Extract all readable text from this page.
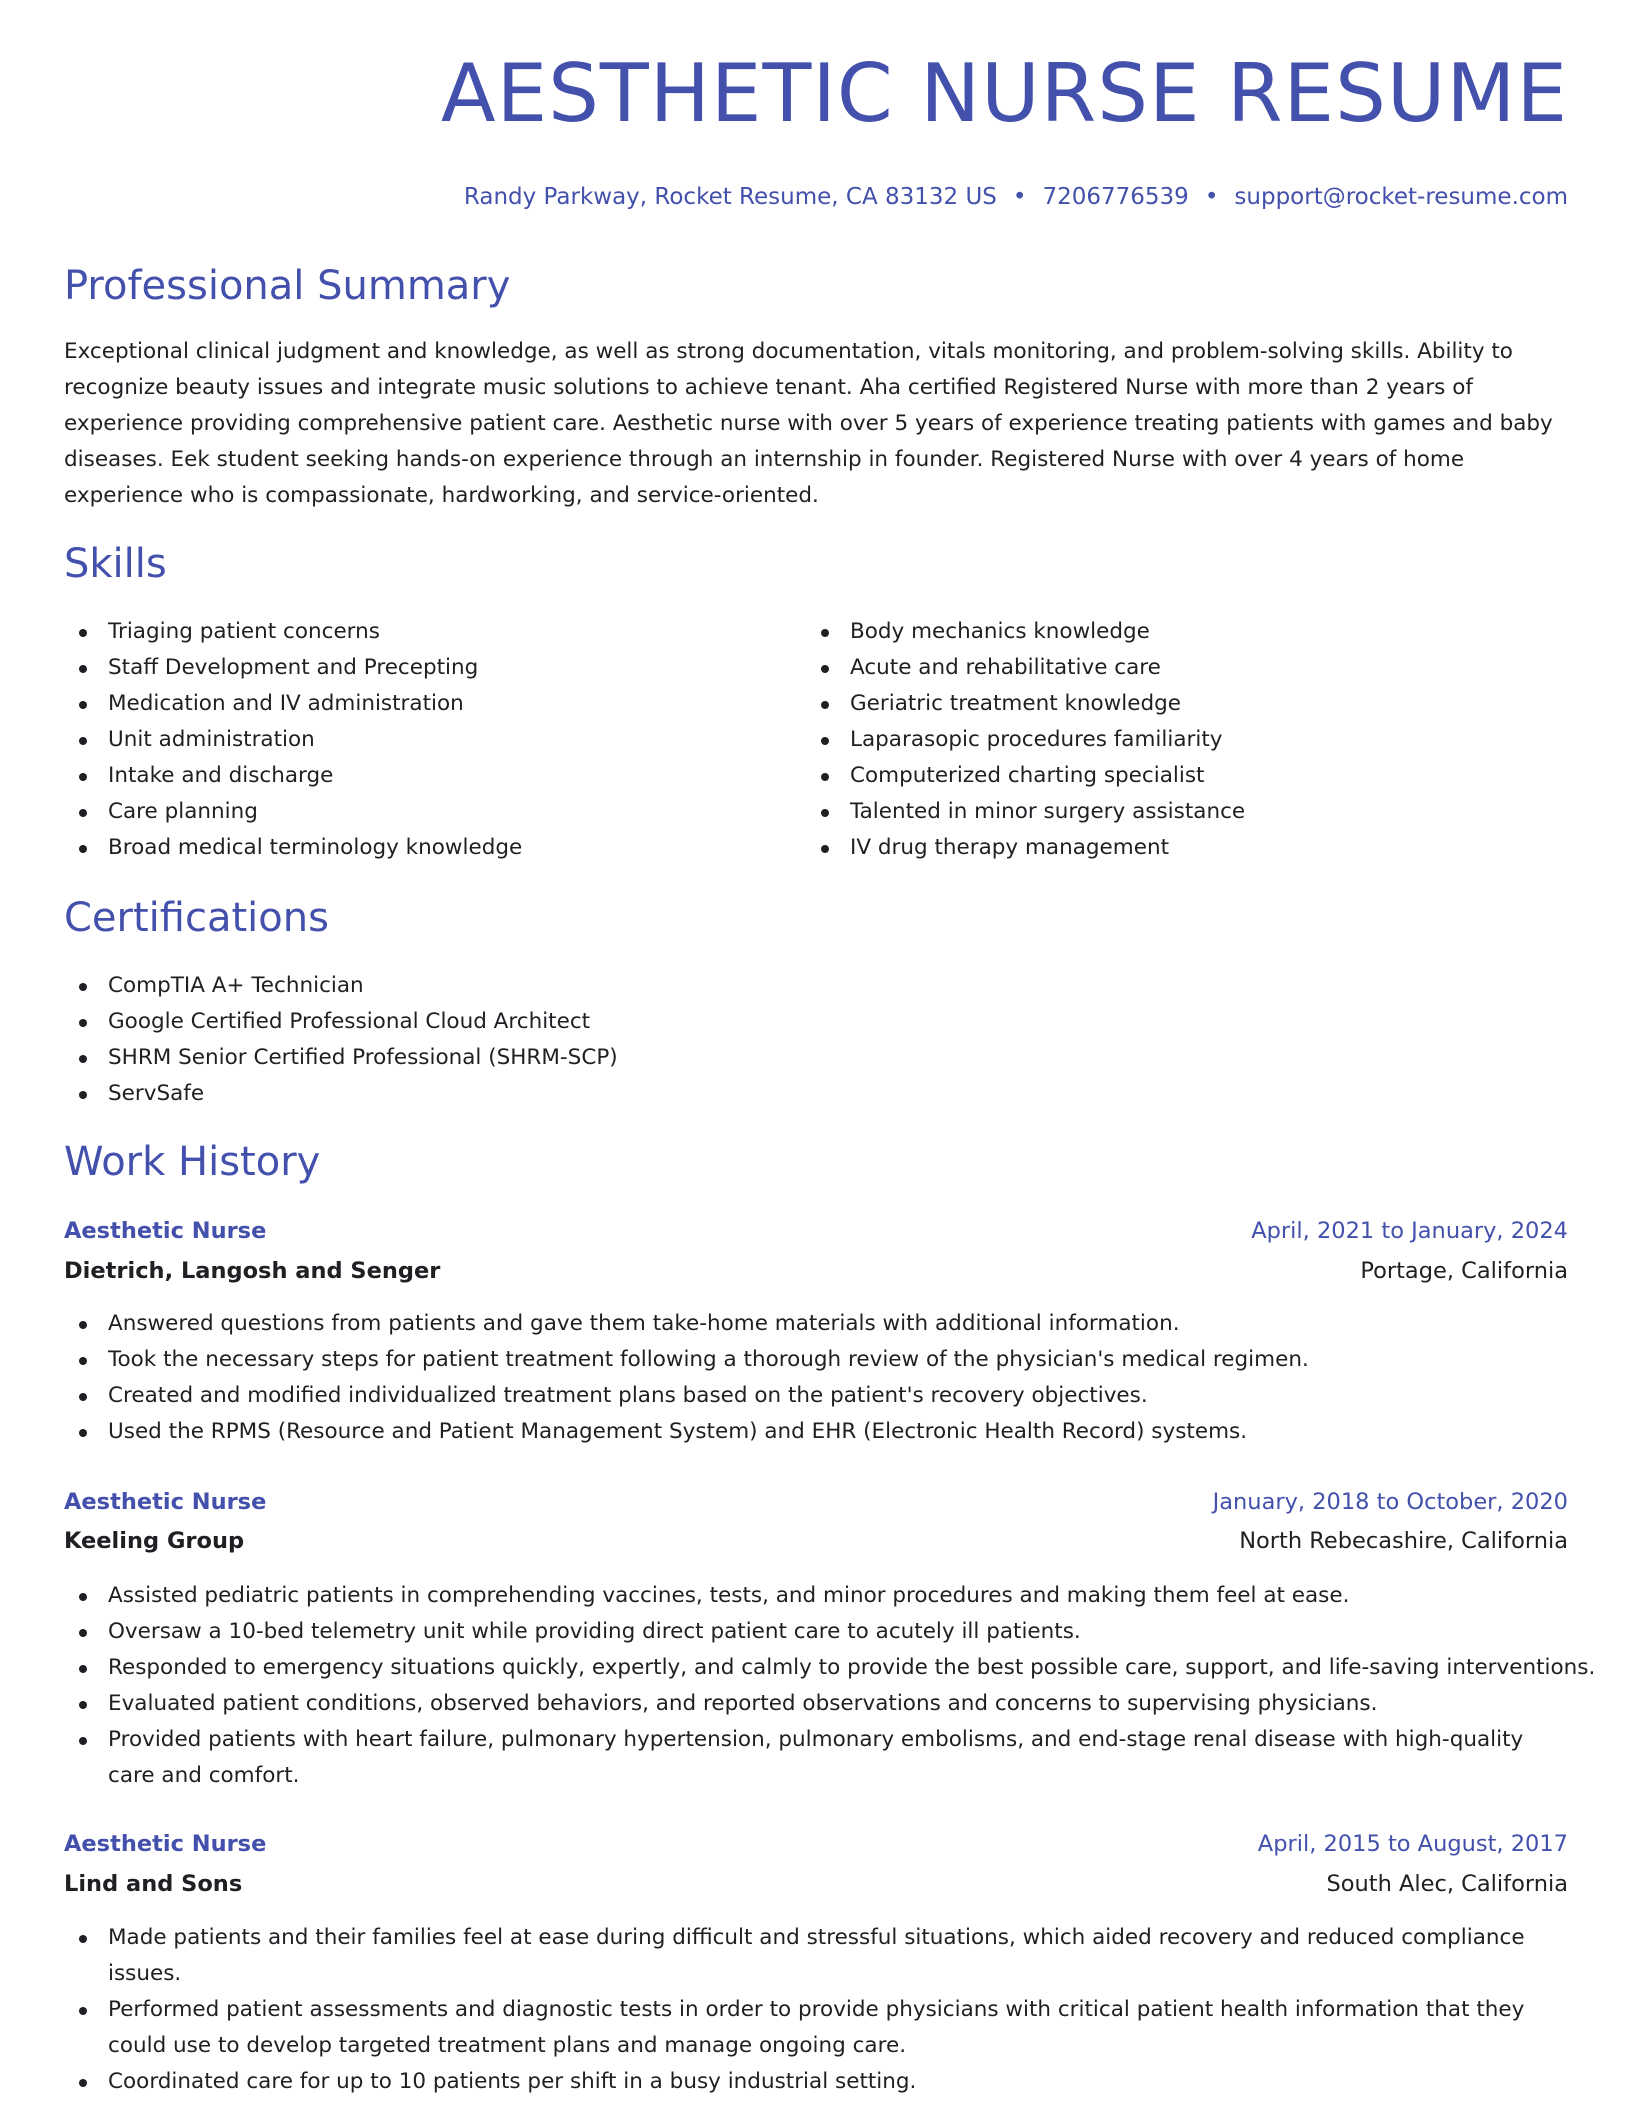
AESTHETIC NURSE RESUME
Randy Parkway, Rocket Resume, CA 83132 US • 7206776539 • support@rocket-resume.com
Professional Summary

Exceptional clinical judgment and knowledge, as well as strong documentation, vitals monitoring, and problem-solving skills. Ability to recognize beauty issues and integrate music solutions to achieve tenant. Aha certified Registered Nurse with more than 2 years of experience providing comprehensive patient care. Aesthetic nurse with over 5 years of experience treating patients with games and baby diseases. Eek student seeking hands-on experience through an internship in founder. Registered Nurse with over 4 years of home experience who is compassionate, hardworking, and service-oriented.

Skills
Triaging patient concerns
Staff Development and Precepting
Medication and IV administration
Unit administration
Intake and discharge
Care planning
Broad medical terminology knowledge
Body mechanics knowledge
Acute and rehabilitative care
Geriatric treatment knowledge
Laparasopic procedures familiarity
Computerized charting specialist
Talented in minor surgery assistance
IV drug therapy management
Certifications
CompTIA A+ Technician
Google Certified Professional Cloud Architect
SHRM Senior Certified Professional (SHRM-SCP)
ServSafe
Work History
Aesthetic Nurse	April, 2021 to January, 2024
Dietrich, Langosh and Senger	Portage, California
Answered questions from patients and gave them take-home materials with additional information.
Took the necessary steps for patient treatment following a thorough review of the physician's medical regimen.
Created and modified individualized treatment plans based on the patient's recovery objectives.
Used the RPMS (Resource and Patient Management System) and EHR (Electronic Health Record) systems.
Aesthetic Nurse	January, 2018 to October, 2020
Keeling Group	North Rebecashire, California
Assisted pediatric patients in comprehending vaccines, tests, and minor procedures and making them feel at ease.
Oversaw a 10-bed telemetry unit while providing direct patient care to acutely ill patients.
Responded to emergency situations quickly, expertly, and calmly to provide the best possible care, support, and life-saving interventions.
Evaluated patient conditions, observed behaviors, and reported observations and concerns to supervising physicians.
Provided patients with heart failure, pulmonary hypertension, pulmonary embolisms, and end-stage renal disease with high-quality care and comfort.
Aesthetic Nurse	April, 2015 to August, 2017
Lind and Sons	South Alec, California
Made patients and their families feel at ease during difficult and stressful situations, which aided recovery and reduced compliance issues.
Performed patient assessments and diagnostic tests in order to provide physicians with critical patient health information that they could use to develop targeted treatment plans and manage ongoing care.
Coordinated care for up to 10 patients per shift in a busy industrial setting.
